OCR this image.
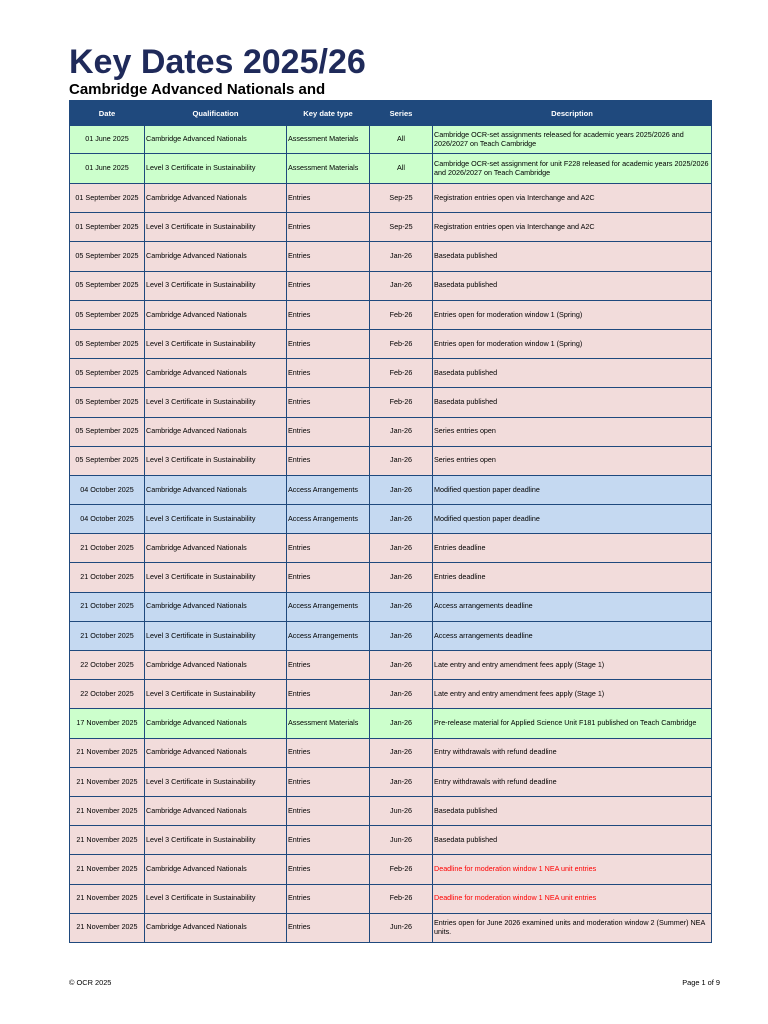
Key Dates 2025/26
Cambridge Advanced Nationals and
Date	Qualification	Key date type	Series	Description
01 June 2025	Cambridge Advanced Nationals	Assessment Materials	All	Cambridge OCR-set assignments released for academic years 2025/2026 and 2026/2027 on Teach Cambridge
01 June 2025	Level 3 Certificate in Sustainability	Assessment Materials	All	Cambridge OCR-set assignment for unit F228 released for academic years 2025/2026 and 2026/2027 on Teach Cambridge
01 September 2025	Cambridge Advanced Nationals	Entries	Sep-25	Registration entries open via Interchange and A2C
01 September 2025	Level 3 Certificate in Sustainability	Entries	Sep-25	Registration entries open via Interchange and A2C
05 September 2025	Cambridge Advanced Nationals	Entries	Jan-26	Basedata published
05 September 2025	Level 3 Certificate in Sustainability	Entries	Jan-26	Basedata published
05 September 2025	Cambridge Advanced Nationals	Entries	Feb-26	Entries open for moderation window 1 (Spring)
05 September 2025	Level 3 Certificate in Sustainability	Entries	Feb-26	Entries open for moderation window 1 (Spring)
05 September 2025	Cambridge Advanced Nationals	Entries	Feb-26	Basedata published
05 September 2025	Level 3 Certificate in Sustainability	Entries	Feb-26	Basedata published
05 September 2025	Cambridge Advanced Nationals	Entries	Jan-26	Series entries open
05 September 2025	Level 3 Certificate in Sustainability	Entries	Jan-26	Series entries open
04 October 2025	Cambridge Advanced Nationals	Access Arrangements	Jan-26	Modified question paper deadline
04 October 2025	Level 3 Certificate in Sustainability	Access Arrangements	Jan-26	Modified question paper deadline
21 October 2025	Cambridge Advanced Nationals	Entries	Jan-26	Entries deadline
21 October 2025	Level 3 Certificate in Sustainability	Entries	Jan-26	Entries deadline
21 October 2025	Cambridge Advanced Nationals	Access Arrangements	Jan-26	Access arrangements deadline
21 October 2025	Level 3 Certificate in Sustainability	Access Arrangements	Jan-26	Access arrangements deadline
22 October 2025	Cambridge Advanced Nationals	Entries	Jan-26	Late entry and entry amendment fees apply (Stage 1)
22 October 2025	Level 3 Certificate in Sustainability	Entries	Jan-26	Late entry and entry amendment fees apply (Stage 1)
17 November 2025	Cambridge Advanced Nationals	Assessment Materials	Jan-26	Pre-release material for Applied Science Unit F181 published on Teach Cambridge
21 November 2025	Cambridge Advanced Nationals	Entries	Jan-26	Entry withdrawals with refund deadline
21 November 2025	Level 3 Certificate in Sustainability	Entries	Jan-26	Entry withdrawals with refund deadline
21 November 2025	Cambridge Advanced Nationals	Entries	Jun-26	Basedata published
21 November 2025	Level 3 Certificate in Sustainability	Entries	Jun-26	Basedata published
21 November 2025	Cambridge Advanced Nationals	Entries	Feb-26	Deadline for moderation window 1 NEA unit entries
21 November 2025	Level 3 Certificate in Sustainability	Entries	Feb-26	Deadline for moderation window 1 NEA unit entries
21 November 2025	Cambridge Advanced Nationals	Entries	Jun-26	Entries open for June 2026 examined units and moderation window 2 (Summer) NEA units.
© OCR 2025	Page 1 of 9
